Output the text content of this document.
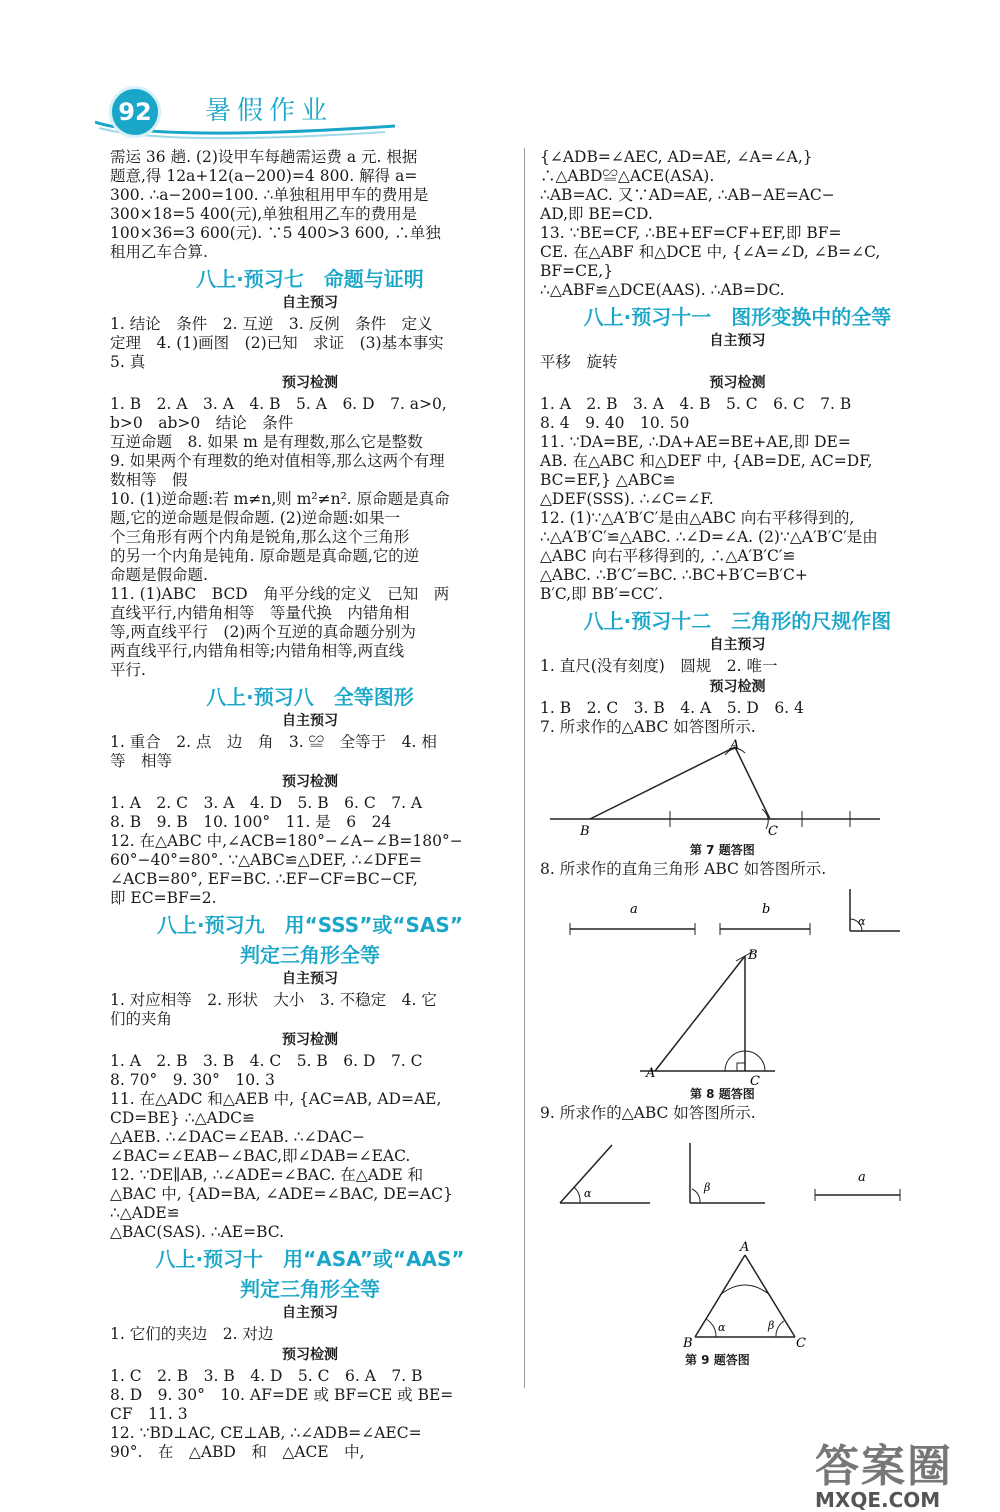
92	暑假作业

需运 36 趟. (2)设甲车每趟需运费 a 元. 根据

题意,得 12a+12(a−200)=4 800. 解得 a=

300. ∴a−200=100. ∴单独租用甲车的费用是

300×18=5 400(元),单独租用乙车的费用是

100×36=3 600(元). ∵5 400>3 600, ∴单独

租用乙车合算.

八上·预习七　命题与证明
自主预习

1. 结论　条件　2. 互逆　3. 反例　条件　定义

定理　4. (1)画图　(2)已知　求证　(3)基本事实

5. 真

预习检测

1. B　2. A　3. A　4. B　5. A　6. D　7. a>0,

b>0　ab>0　结论　条件

互逆命题　8. 如果 m 是有理数,那么它是整数

9. 如果两个有理数的绝对值相等,那么这两个有理

数相等　假

10. (1)逆命题:若 m≠n,则 m²≠n². 原命题是真命

题,它的逆命题是假命题. (2)逆命题:如果一

个三角形有两个内角是锐角,那么这个三角形

的另一个内角是钝角. 原命题是真命题,它的逆

命题是假命题.

11. (1)ABC　BCD　角平分线的定义　已知　两

直线平行,内错角相等　等量代换　内错角相

等,两直线平行　(2)两个互逆的真命题分别为

两直线平行,内错角相等;内错角相等,两直线

平行.

八上·预习八　全等图形
自主预习

1. 重合　2. 点　边　角　3. ≌　全等于　4. 相

等　相等

预习检测

1. A　2. C　3. A　4. D　5. B　6. C　7. A

8. B　9. B　10. 100°　11. 是　6　24

12. 在△ABC 中,∠ACB=180°−∠A−∠B=180°−

60°−40°=80°. ∵△ABC≌△DEF, ∴∠DFE=

∠ACB=80°, EF=BC. ∴EF−CF=BC−CF,

即 EC=BF=2.

八上·预习九　用“SSS”或“SAS”
判定三角形全等
自主预习

1. 对应相等　2. 形状　大小　3. 不稳定　4. 它

们的夹角

预习检测

1. A　2. B　3. B　4. C　5. B　6. D　7. C

8. 70°　9. 30°　10. 3

11. 在△ADC 和△AEB 中, {AC=AB, AD=AE, CD=BE} ∴△ADC≌

△AEB. ∴∠DAC=∠EAB. ∴∠DAC−

∠BAC=∠EAB−∠BAC,即∠DAB=∠EAC.

12. ∵DE∥AB, ∴∠ADE=∠BAC. 在△ADE 和

△BAC 中, {AD=BA, ∠ADE=∠BAC, DE=AC} ∴△ADE≌

△BAC(SAS). ∴AE=BC.

八上·预习十　用“ASA”或“AAS”
判定三角形全等
自主预习

1. 它们的夹边　2. 对边

预习检测

1. C　2. B　3. B　4. D　5. C　6. A　7. B

8. D　9. 30°　10. AF=DE 或 BF=CE 或 BE=

CF　11. 3

12. ∵BD⊥AC, CE⊥AB, ∴∠ADB=∠AEC=

90°.　在　△ABD　和　△ACE　中,

{∠ADB=∠AEC, AD=AE, ∠A=∠A,}　∴△ABD≌△ACE(ASA).

∴AB=AC. 又∵AD=AE, ∴AB−AE=AC−

AD,即 BE=CD.

13. ∵BE=CF, ∴BE+EF=CF+EF,即 BF=

CE. 在△ABF 和△DCE 中, {∠A=∠D, ∠B=∠C, BF=CE,}

∴△ABF≌△DCE(AAS). ∴AB=DC.

八上·预习十一　图形变换中的全等
自主预习

平移　旋转

预习检测

1. A　2. B　3. A　4. B　5. C　6. C　7. B

8. 4　9. 40　10. 50

11. ∵DA=BE, ∴DA+AE=BE+AE,即 DE=

AB. 在△ABC 和△DEF 中, {AB=DE, AC=DF, BC=EF,} △ABC≌

△DEF(SSS). ∴∠C=∠F.

12. (1)∵△A′B′C′是由△ABC 向右平移得到的,

∴△A′B′C′≌△ABC. ∴∠D=∠A. (2)∵△A′B′C′是由

△ABC 向右平移得到的, ∴△A′B′C′≌

△ABC. ∴B′C′=BC. ∴BC+B′C=B′C+

B′C,即 BB′=CC′.

八上·预习十二　三角形的尺规作图
自主预习

1. 直尺(没有刻度)　圆规　2. 唯一

预习检测

1. B　2. C　3. B　4. A　5. D　6. 4

7. 所求作的△ABC 如答图所示.

B
A
C
第 7 题答图

8. 所求作的直角三角形 ABC 如答图所示.

a	b
α
B
A
C
第 8 题答图

9. 所求作的△ABC 如答图所示.

α	β
a
α	β
A
B	C
第 9 题答图
答案圈
MXQE.COM
